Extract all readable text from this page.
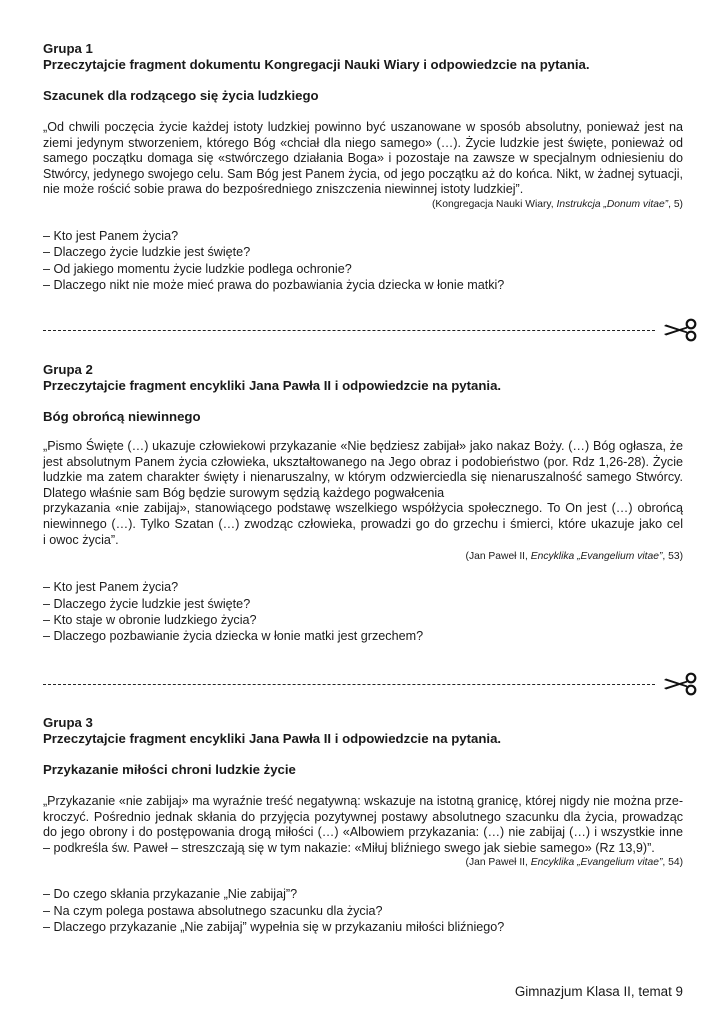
Grupa 1

Przeczytajcie fragment dokumentu Kongregacji Nauki Wiary i odpowiedzcie na pytania.

Szacunek dla rodzącego się życia ludzkiego

„Od chwili poczęcia życie każdej istoty ludzkiej powinno być uszanowane w sposób absolutny, ponieważ jest na
ziemi jedynym stworzeniem, którego Bóg «chciał dla niego samego» (…). Życie ludzkie jest święte, ponieważ od
samego początku domaga się «stwórczego działania Boga» i pozostaje na zawsze w specjalnym odniesieniu do
Stwórcy, jedynego swojego celu. Sam Bóg jest Panem życia, od jego początku aż do końca. Nikt, w żadnej sytuacji,
nie może rościć sobie prawa do bezpośredniego zniszczenia niewinnej istoty ludzkiej”.

(Kongregacja Nauki Wiary, Instrukcja „Donum vitae”, 5)

– Kto jest Panem życia?
– Dlaczego życie ludzkie jest święte?
– Od jakiego momentu życie ludzkie podlega ochronie?
– Dlaczego nikt nie może mieć prawa do pozbawiania życia dziecka w łonie matki?

Grupa 2

Przeczytajcie fragment encykliki Jana Pawła II i odpowiedzcie na pytania.

Bóg obrońcą niewinnego

„Pismo Święte (…) ukazuje człowiekowi przykazanie «Nie będziesz zabijał» jako nakaz Boży. (…) Bóg ogłasza, że
jest absolutnym Panem życia człowieka, ukształtowanego na Jego obraz i podobieństwo (por. Rdz 1,26-28). Życie
ludzkie ma zatem charakter święty i nienaruszalny, w którym odzwierciedla się nienaruszalność samego Stwórcy.
Dlatego właśnie sam Bóg będzie surowym sędzią każdego pogwałcenia
przykazania «nie zabijaj», stanowiącego podstawę wszelkiego współżycia społecznego. To On jest (…) obrońcą
niewinnego (…). Tylko Szatan (…) zwodząc człowieka, prowadzi go do grzechu i śmierci, które ukazuje jako cel
i owoc życia”.

(Jan Paweł II, Encyklika „Evangelium vitae”, 53)

– Kto jest Panem życia?
– Dlaczego życie ludzkie jest święte?
– Kto staje w obronie ludzkiego życia?
– Dlaczego pozbawianie życia dziecka w łonie matki jest grzechem?

Grupa 3

Przeczytajcie fragment encykliki Jana Pawła II i odpowiedzcie na pytania.

Przykazanie miłości chroni ludzkie życie

„Przykazanie «nie zabijaj» ma wyraźnie treść negatywną: wskazuje na istotną granicę, której nigdy nie można prze-
kroczyć. Pośrednio jednak skłania do przyjęcia pozytywnej postawy absolutnego szacunku dla życia, prowadząc
do jego obrony i do postępowania drogą miłości (…) «Albowiem przykazania: (…) nie zabijaj (…) i wszystkie inne
– podkreśla św. Paweł – streszczają się w tym nakazie: «Miłuj bliźniego swego jak siebie samego» (Rz 13,9)”.

(Jan Paweł II, Encyklika „Evangelium vitae”, 54)

– Do czego skłania przykazanie „Nie zabijaj”?
– Na czym polega postawa absolutnego szacunku dla życia?
– Dlaczego przykazanie „Nie zabijaj” wypełnia się w przykazaniu miłości bliźniego?
Gimnazjum Klasa II, temat 9
